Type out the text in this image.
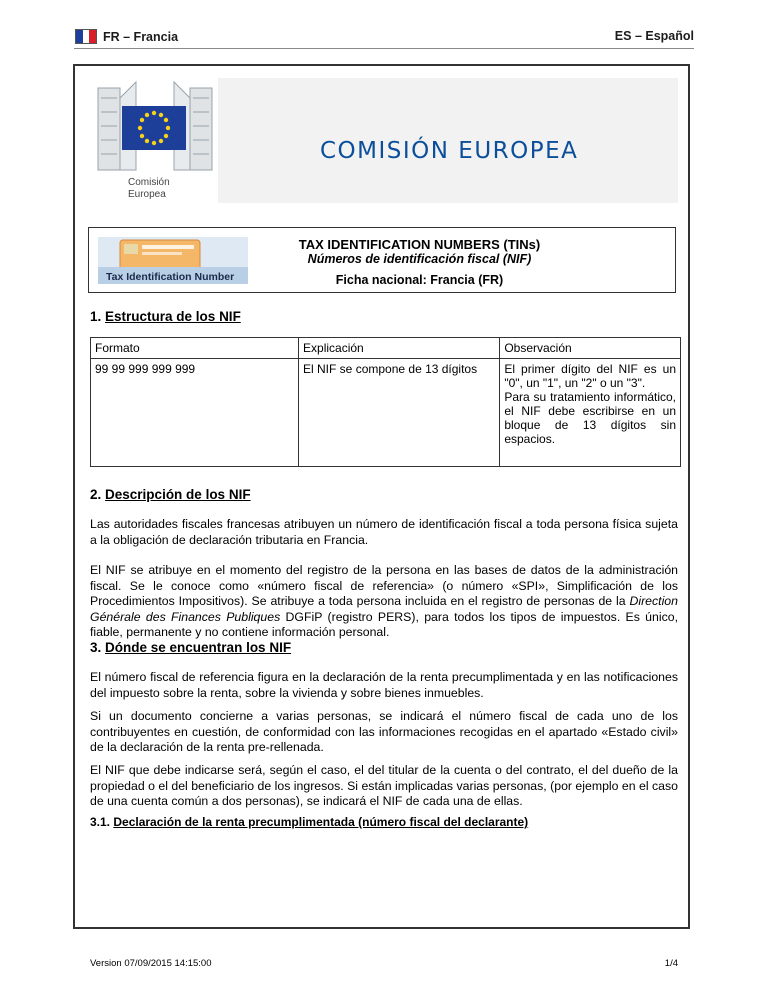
FR – Francia	ES – Español
Comisión
Europea
COMISIÓN EUROPEA
Tax Identification Number
TAX IDENTIFICATION NUMBERS (TINs)
Números de identificación fiscal (NIF)
Ficha nacional: Francia (FR)
1. Estructura de los NIF
Formato	Explicación	Observación
99 99 999 999 999	El NIF se compone de 13 dígitos	El primer dígito del NIF es un "0", un "1", un "2" o un "3".
Para su tratamiento informático, el NIF debe escribirse en un bloque de 13 dígitos sin espacios.
2. Descripción de los NIF

Las autoridades fiscales francesas atribuyen un número de identificación fiscal a toda persona física sujeta a la obligación de declaración tributaria en Francia.

El NIF se atribuye en el momento del registro de la persona en las bases de datos de la administración fiscal. Se le conoce como «número fiscal de referencia» (o número «SPI», Simplificación de los Procedimientos Impositivos). Se atribuye a toda persona incluida en el registro de personas de la Direction Générale des Finances Publiques DGFiP (registro PERS), para todos los tipos de impuestos. Es único, fiable, permanente y no contiene información personal.

3. Dónde se encuentran los NIF

El número fiscal de referencia figura en la declaración de la renta precumplimentada y en las notificaciones del impuesto sobre la renta, sobre la vivienda y sobre bienes inmuebles.

Si un documento concierne a varias personas, se indicará el número fiscal de cada uno de los contribuyentes en cuestión, de conformidad con las informaciones recogidas en el apartado «Estado civil» de la declaración de la renta pre-rellenada.

El NIF que debe indicarse será, según el caso, el del titular de la cuenta o del contrato, el del dueño de la propiedad o el del beneficiario de los ingresos. Si están implicadas varias personas, (por ejemplo en el caso de una cuenta común a dos personas), se indicará el NIF de cada una de ellas.

3.1. Declaración de la renta precumplimentada (número fiscal del declarante)
Version 07/09/2015 14:15:00	1/4
